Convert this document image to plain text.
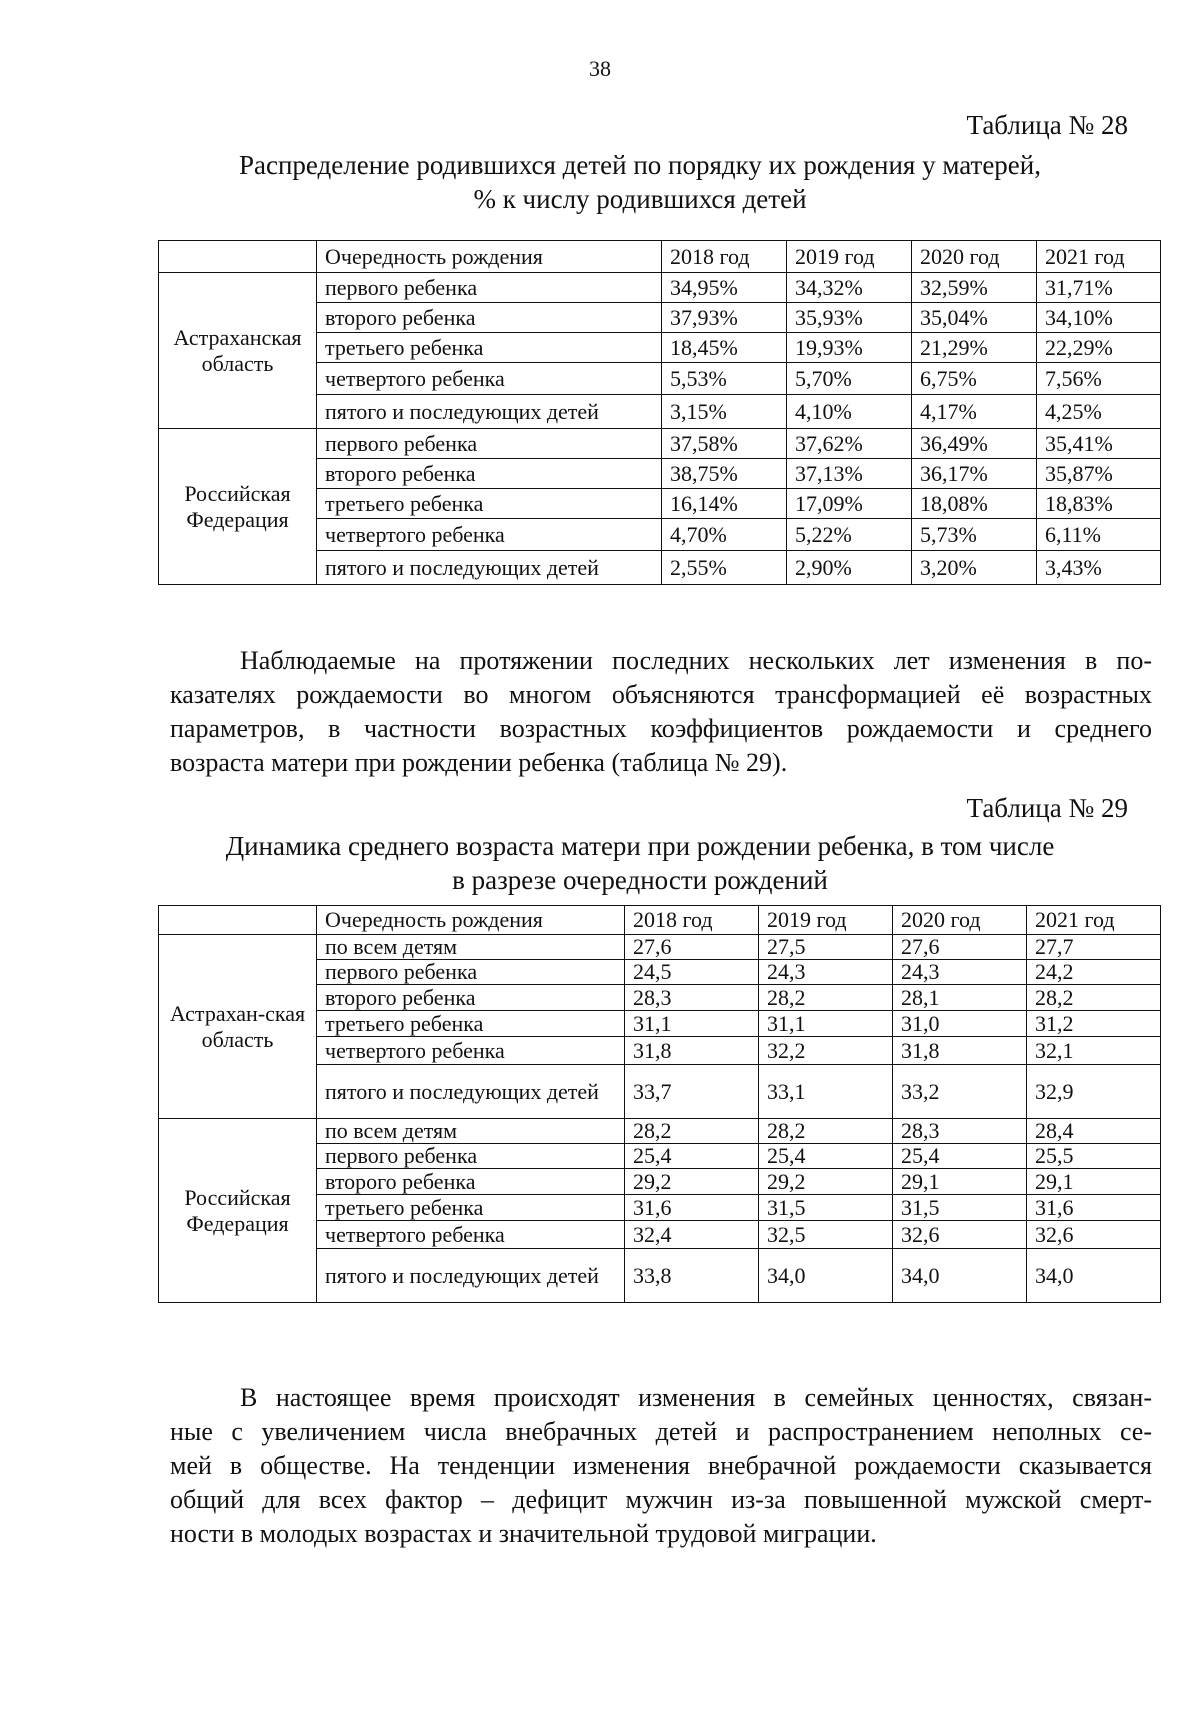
38
Таблица № 28
Распределение родившихся детей по порядку их рождения у матерей,
% к числу родившихся детей
	Очередность рождения	2018 год	2019 год	2020 год	2021 год
Астраханская область	первого ребенка	34,95%	34,32%	32,59%	31,71%
	второго ребенка	37,93%	35,93%	35,04%	34,10%
	третьего ребенка	18,45%	19,93%	21,29%	22,29%
	четвертого ребенка	5,53%	5,70%	6,75%	7,56%
	пятого и последующих детей	3,15%	4,10%	4,17%	4,25%
Российская Федерация	первого ребенка	37,58%	37,62%	36,49%	35,41%
	второго ребенка	38,75%	37,13%	36,17%	35,87%
	третьего ребенка	16,14%	17,09%	18,08%	18,83%
	четвертого ребенка	4,70%	5,22%	5,73%	6,11%
	пятого и последующих детей	2,55%	2,90%	3,20%	3,43%
Наблюдаемые на протяжении последних нескольких лет изменения в по-
казателях рождаемости во многом объясняются трансформацией её возрастных
параметров, в частности возрастных коэффициентов рождаемости и среднего
возраста матери при рождении ребенка (таблица № 29).
Таблица № 29
Динамика среднего возраста матери при рождении ребенка, в том числе
в разрезе очередности рождений
	Очередность рождения	2018 год	2019 год	2020 год	2021 год
Астрахан-ская область	по всем детям	27,6	27,5	27,6	27,7
	первого ребенка	24,5	24,3	24,3	24,2
	второго ребенка	28,3	28,2	28,1	28,2
	третьего ребенка	31,1	31,1	31,0	31,2
	четвертого ребенка	31,8	32,2	31,8	32,1
	пятого и последующих детей	33,7	33,1	33,2	32,9
Российская Федерация	по всем детям	28,2	28,2	28,3	28,4
	первого ребенка	25,4	25,4	25,4	25,5
	второго ребенка	29,2	29,2	29,1	29,1
	третьего ребенка	31,6	31,5	31,5	31,6
	четвертого ребенка	32,4	32,5	32,6	32,6
	пятого и последующих детей	33,8	34,0	34,0	34,0
В настоящее время происходят изменения в семейных ценностях, связан-
ные с увеличением числа внебрачных детей и распространением неполных се-
мей в обществе. На тенденции изменения внебрачной рождаемости сказывается
общий для всех фактор – дефицит мужчин из-за повышенной мужской смерт-
ности в молодых возрастах и значительной трудовой миграции.
